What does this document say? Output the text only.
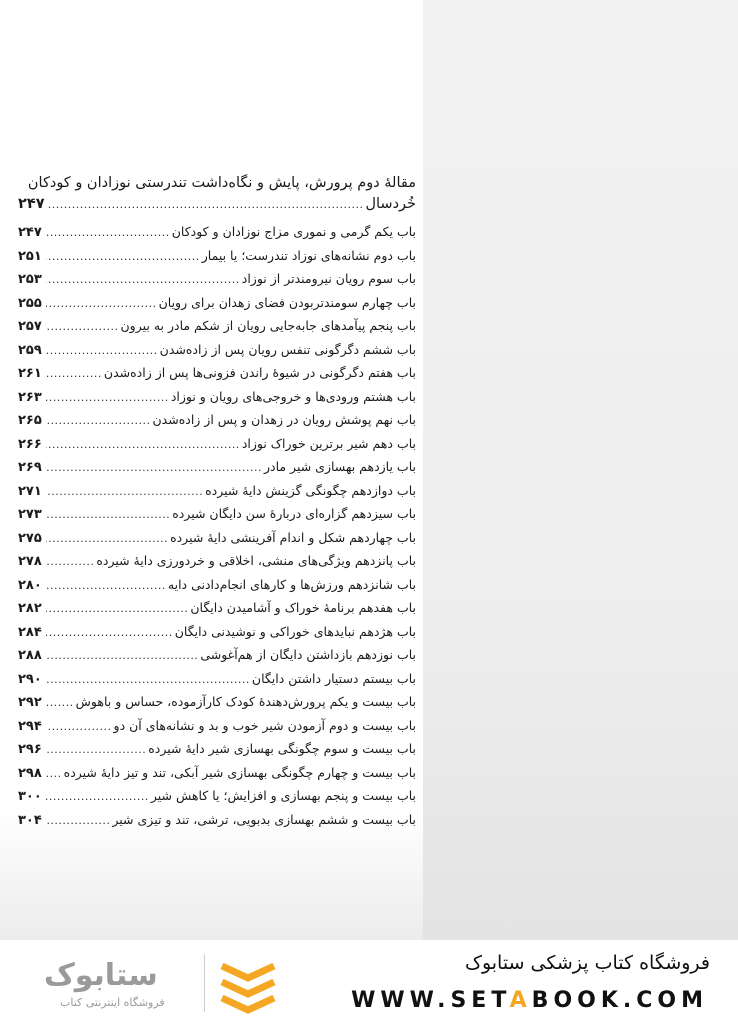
مقالهٔ دوم پرورش، پایش و نگاه‌داشت تندرستی نوزادان و کودکان
خُردسال
.....
۲۴۷
باب یکم گرمی و نموری مزاج نوزادان و کودکان
.....
۲۴۷
باب دوم نشانه‌های نوزاد تندرست؛ یا بیمار
.....
۲۵۱
باب سوم رویان نیرومندتر از نوزاد
.....
۲۵۳
باب چهارم سومندتربودن فضای زهدان برای رویان
.....
۲۵۵
باب پنجم پیآمدهای جابه‌جایی رویان از شکم مادر به بیرون
.....
۲۵۷
باب ششم دگرگونی تنفس رویان پس از زاده‌شدن
.....
۲۵۹
باب هفتم دگرگونی در شیوهٔ راندن فزونی‌ها پس از زاده‌شدن
.....
۲۶۱
باب هشتم ورودی‌ها و خروجی‌های رویان و نوزاد
.....
۲۶۳
باب نهم پوشش رویان در زهدان و پس از زاده‌شدن
.....
۲۶۵
باب دهم شیر برترین خوراک نوزاد
.....
۲۶۶
باب یازدهم بهسازی شیر مادر
.....
۲۶۹
باب دوازدهم چگونگی گزینش دایهٔ شیرده
.....
۲۷۱
باب سیزدهم گزاره‌ای دربارهٔ سن دایگان شیرده
.....
۲۷۳
باب چهاردهم شکل و اندام آفرینشی دایهٔ شیرده
.....
۲۷۵
باب پانزدهم ویژگی‌های منشی، اخلاقی و خردورزی دایهٔ شیرده
.....
۲۷۸
باب شانزدهم ورزش‌ها و کارهای انجام‌دادنی دایه
.....
۲۸۰
باب هفدهم برنامهٔ خوراک و آشامیدن دایگان
.....
۲۸۲
باب هژدهم نبایدهای خوراکی و نوشیدنی دایگان
.....
۲۸۴
باب نوزدهم بازداشتن دایگان از هم‌آغوشی
.....
۲۸۸
باب بیستم دستیار داشتن دایگان
.....
۲۹۰
باب بیست و یکم پرورش‌دهندهٔ کودک کارآزموده، حساس و باهوش
.....
۲۹۲
باب بیست و دوم آزمودن شیر خوب و بد و نشانه‌های آن دو
.....
۲۹۴
باب بیست و سوم چگونگی بهسازی شیر دایهٔ شیرده
.....
۲۹۶
باب بیست و چهارم چگونگی بهسازی شیر آبکی، تند و تیز دایهٔ شیرده
.....
۲۹۸
باب بیست و پنجم بهسازی و افزایش؛ یا کاهش شیر
.....
۳۰۰
باب بیست و ششم بهسازی بدبویی، ترشی، تند و تیزی شیر
.....
۳۰۴
ستابوک
فروشگاه اینترنتی کتاب
فروشگاه کتاب پزشکی ستابوک
WWW.SETABOOK.COM
